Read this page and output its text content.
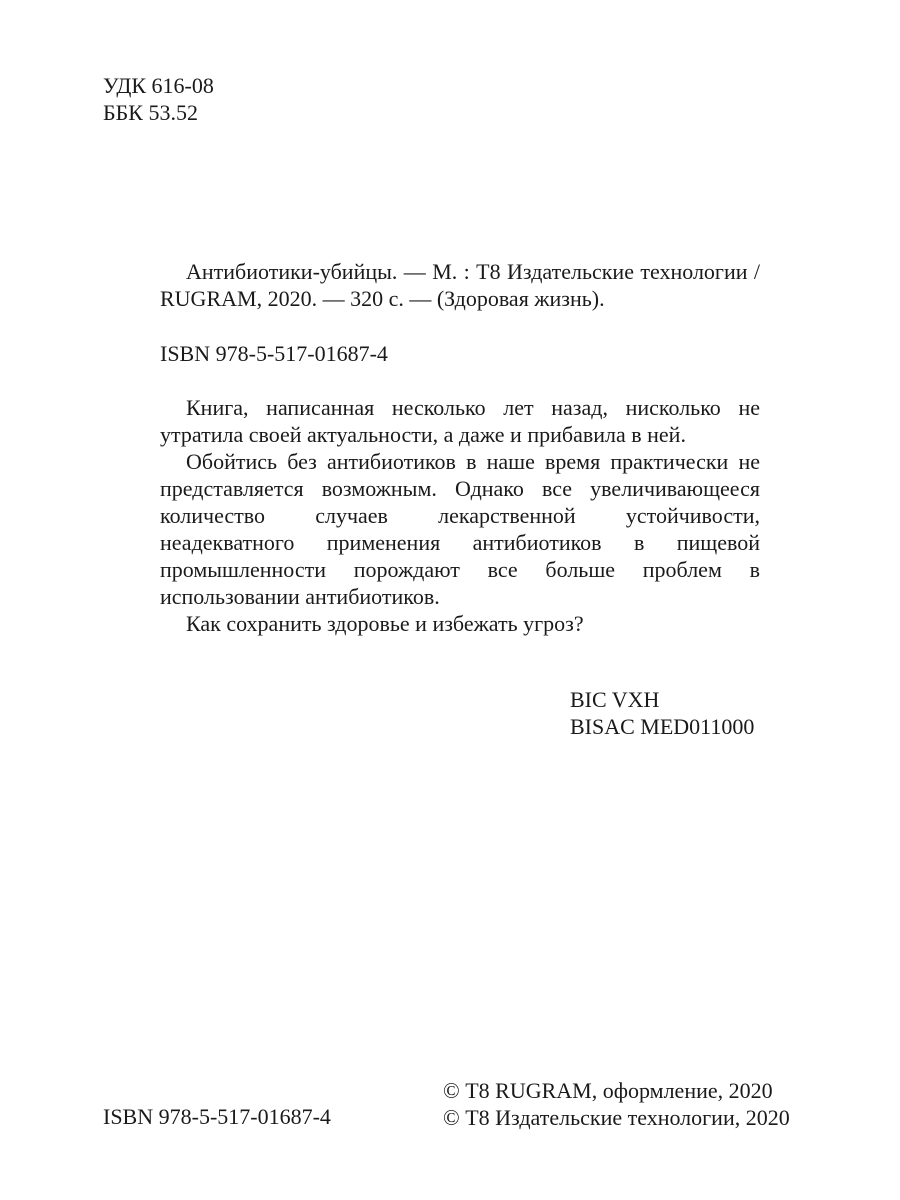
УДК 616-08
ББК 53.52
Антибиотики-убийцы. — М. : Т8 Издательские технологии / RUGRAM, 2020. — 320 с. — (Здоровая жизнь).
ISBN 978-5-517-01687-4

Книга, написанная несколько лет назад, нисколько не утратила своей актуальности, а даже и прибавила в ней.

Обойтись без антибиотиков в наше время практически не представляется возможным. Однако все увеличивающееся количество случаев лекарственной устойчивости, неадекватного применения антибиотиков в пищевой промышленности порождают все больше проблем в использовании антибиотиков.

Как сохранить здоровье и избежать угроз?

BIC VXH
BISAC MED011000
ISBN 978-5-517-01687-4
© Т8 RUGRAM, оформление, 2020
© Т8 Издательские технологии, 2020
